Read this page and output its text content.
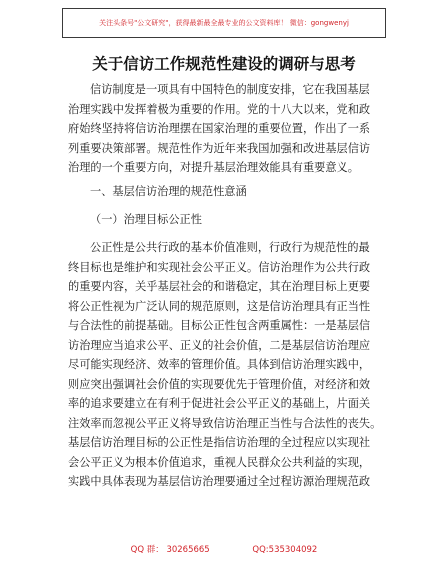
关注头条号"公文研究"，获得最新最全最专业的公文资料库！ 微信：gongwenyj
关于信访工作规范性建设的调研与思考
信访制度是一项具有中国特色的制度安排，它在我国基层
治理实践中发挥着极为重要的作用。党的十八大以来，党和政
府始终坚持将信访治理摆在国家治理的重要位置，作出了一系
列重要决策部署。规范性作为近年来我国加强和改进基层信访
治理的一个重要方向，对提升基层治理效能具有重要意义。
一、基层信访治理的规范性意涵
（一）治理目标公正性
公正性是公共行政的基本价值准则，行政行为规范性的最
终目标也是维护和实现社会公平正义。信访治理作为公共行政
的重要内容，关乎基层社会的和谐稳定，其在治理目标上更要
将公正性视为广泛认同的规范原则，这是信访治理具有正当性
与合法性的前提基础。目标公正性包含两重属性：一是基层信
访治理应当追求公平、正义的社会价值，二是基层信访治理应
尽可能实现经济、效率的管理价值。具体到信访治理实践中，
则应突出强调社会价值的实现要优先于管理价值，对经济和效
率的追求要建立在有利于促进社会公平正义的基础上，片面关
注效率而忽视公平正义将导致信访治理正当性与合法性的丧失。
基层信访治理目标的公正性是指信访治理的全过程应以实现社
会公平正义为根本价值追求，重视人民群众公共利益的实现，
实践中具体表现为基层信访治理要通过全过程访源治理规范政
QQ 群： 30265665	QQ:535304092
